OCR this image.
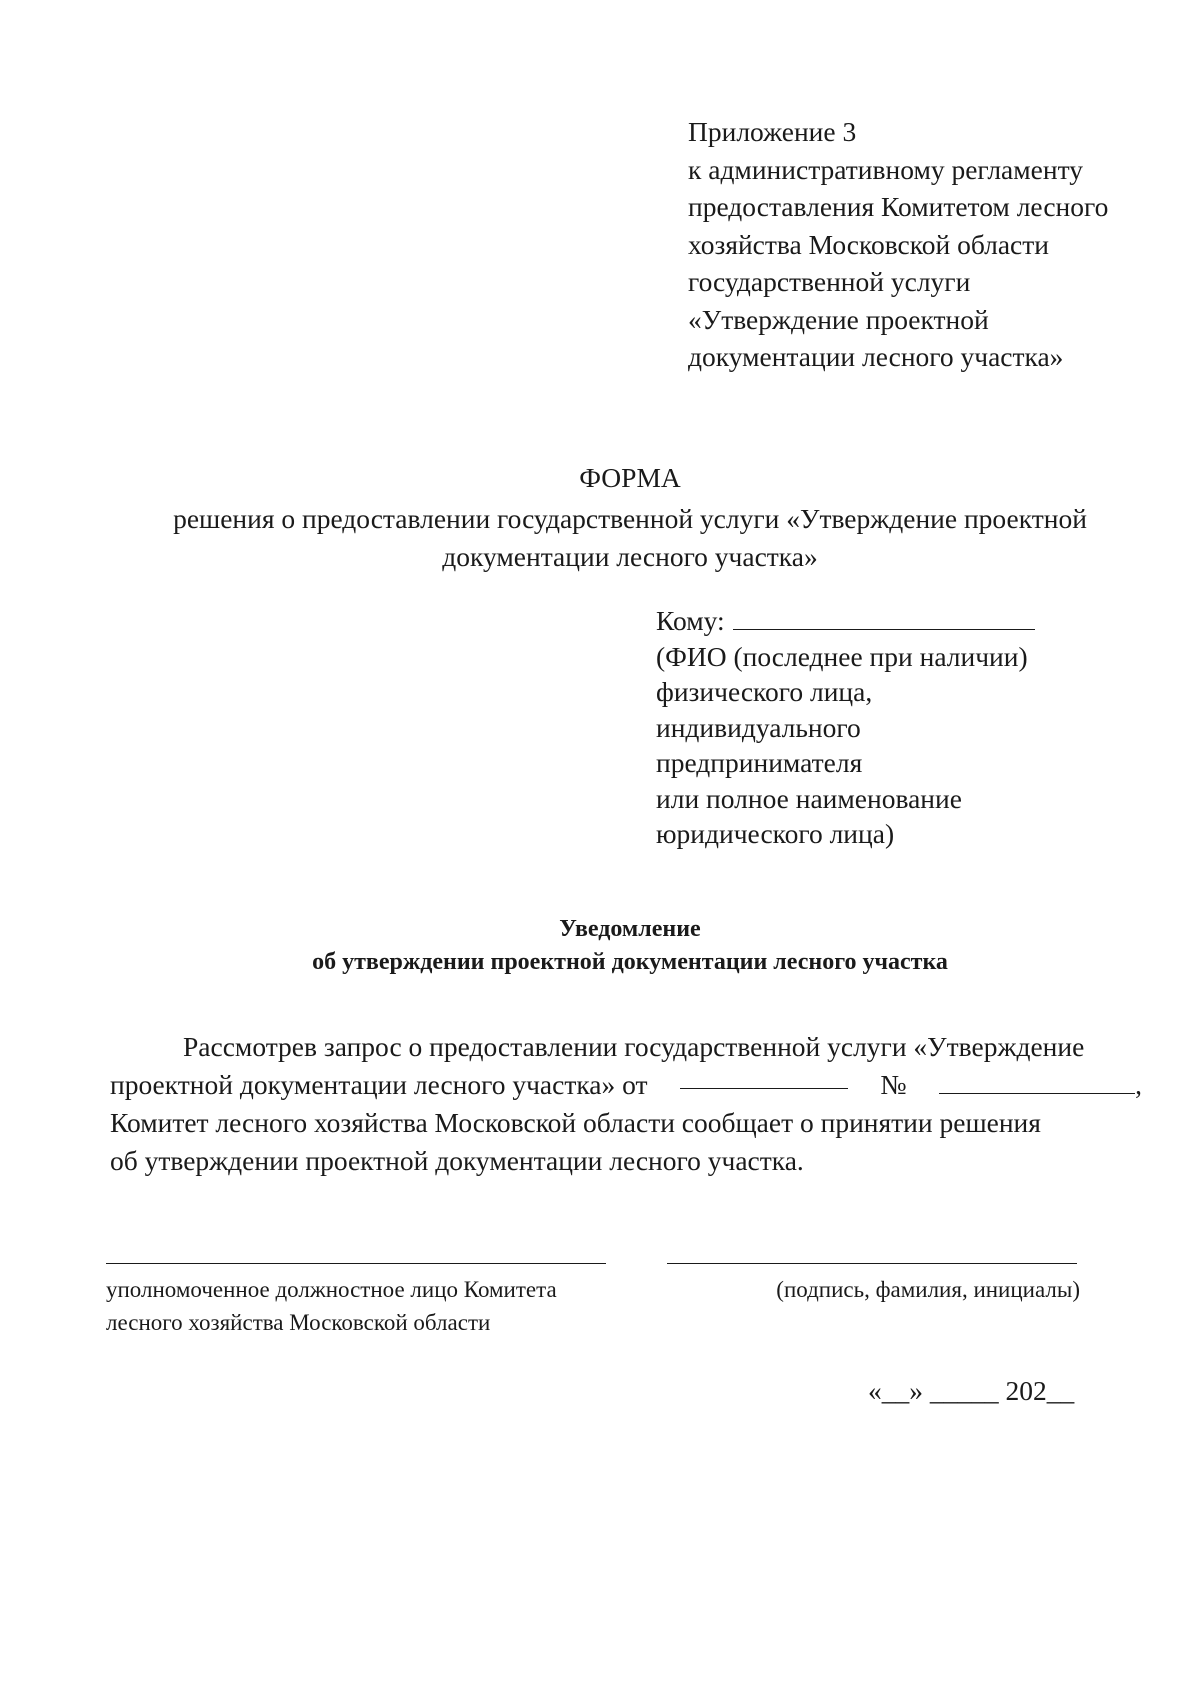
Приложение 3
к административному регламенту
предоставления Комитетом лесного
хозяйства Московской области
государственной услуги
«Утверждение проектной
документации лесного участка»
ФОРМА
решения о предоставлении государственной услуги «Утверждение проектной
документации лесного участка»
Кому:
(ФИО (последнее при наличии)
физического лица,
индивидуального
предпринимателя
или полное наименование
юридического лица)
Уведомление
об утверждении проектной документации лесного участка
Рассмотрев запрос о предоставлении государственной услуги «Утверждение
проектной документации лесного участка» от	№	,
Комитет лесного хозяйства Московской области сообщает о принятии решения
об утверждении проектной документации лесного участка.
уполномоченное должностное лицо Комитета
лесного хозяйства Московской области
(подпись, фамилия, инициалы)
«__» _____ 202__
